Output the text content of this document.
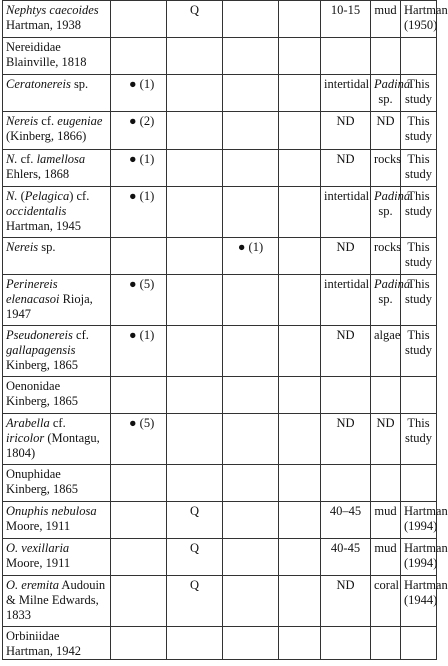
Nephtys caecoides Hartman, 1938		Q			10-15	mud	Hartman (1950)
Nereididae Blainville, 1818							
Ceratonereis sp.	● (1)				intertidal	Padina sp.	This study
Nereis cf. eugeniae (Kinberg, 1866)	● (2)				ND	ND	This study
N. cf. lamellosa Ehlers, 1868	● (1)				ND	rocks	This study
N. (Pelagica) cf. occidentalis Hartman, 1945	● (1)				intertidal	Padina sp.	This study
Nereis sp.			● (1)		ND	rocks	This study
Perinereis elenacasoi Rioja, 1947	● (5)				intertidal	Padina sp.	This study
Pseudonereis cf. gallapagensis Kinberg, 1865	● (1)				ND	algae	This study
Oenonidae Kinberg, 1865							
Arabella cf. iricolor (Montagu, 1804)	● (5)				ND	ND	This study
Onuphidae Kinberg, 1865							
Onuphis nebulosa Moore, 1911		Q			40–45	mud	Hartman (1994)
O. vexillaria Moore, 1911		Q			40-45	mud	Hartman (1994)
O. eremita Audouin & Milne Edwards, 1833		Q			ND	coral	Hartman (1944)
Orbiniidae Hartman, 1942							
